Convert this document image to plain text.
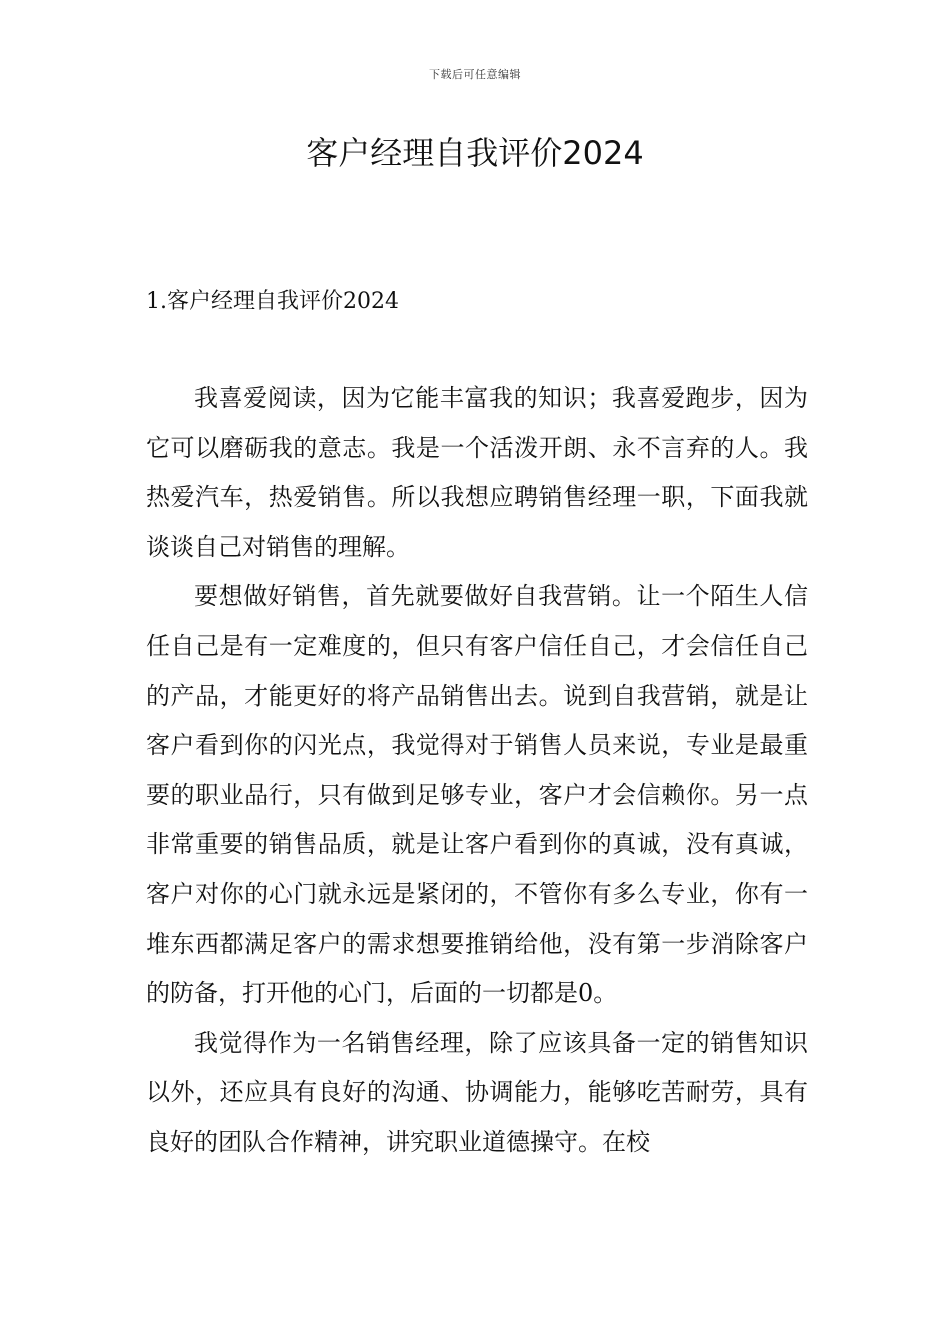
下载后可任意编辑
客户经理自我评价2024
1.客户经理自我评价2024

我喜爱阅读，因为它能丰富我的知识；我喜爱跑步，因为它可以磨砺我的意志。我是一个活泼开朗、永不言弃的人。我热爱汽车，热爱销售。所以我想应聘销售经理一职，下面我就谈谈自己对销售的理解。

要想做好销售，首先就要做好自我营销。让一个陌生人信任自己是有一定难度的，但只有客户信任自己，才会信任自己的产品，才能更好的将产品销售出去。说到自我营销，就是让客户看到你的闪光点，我觉得对于销售人员来说，专业是最重要的职业品行，只有做到足够专业，客户才会信赖你。另一点非常重要的销售品质，就是让客户看到你的真诚，没有真诚，客户对你的心门就永远是紧闭的，不管你有多么专业，你有一堆东西都满足客户的需求想要推销给他，没有第一步消除客户的防备，打开他的心门，后面的一切都是0。

我觉得作为一名销售经理，除了应该具备一定的销售知识以外，还应具有良好的沟通、协调能力，能够吃苦耐劳，具有良好的团队合作精神，讲究职业道德操守。在校
